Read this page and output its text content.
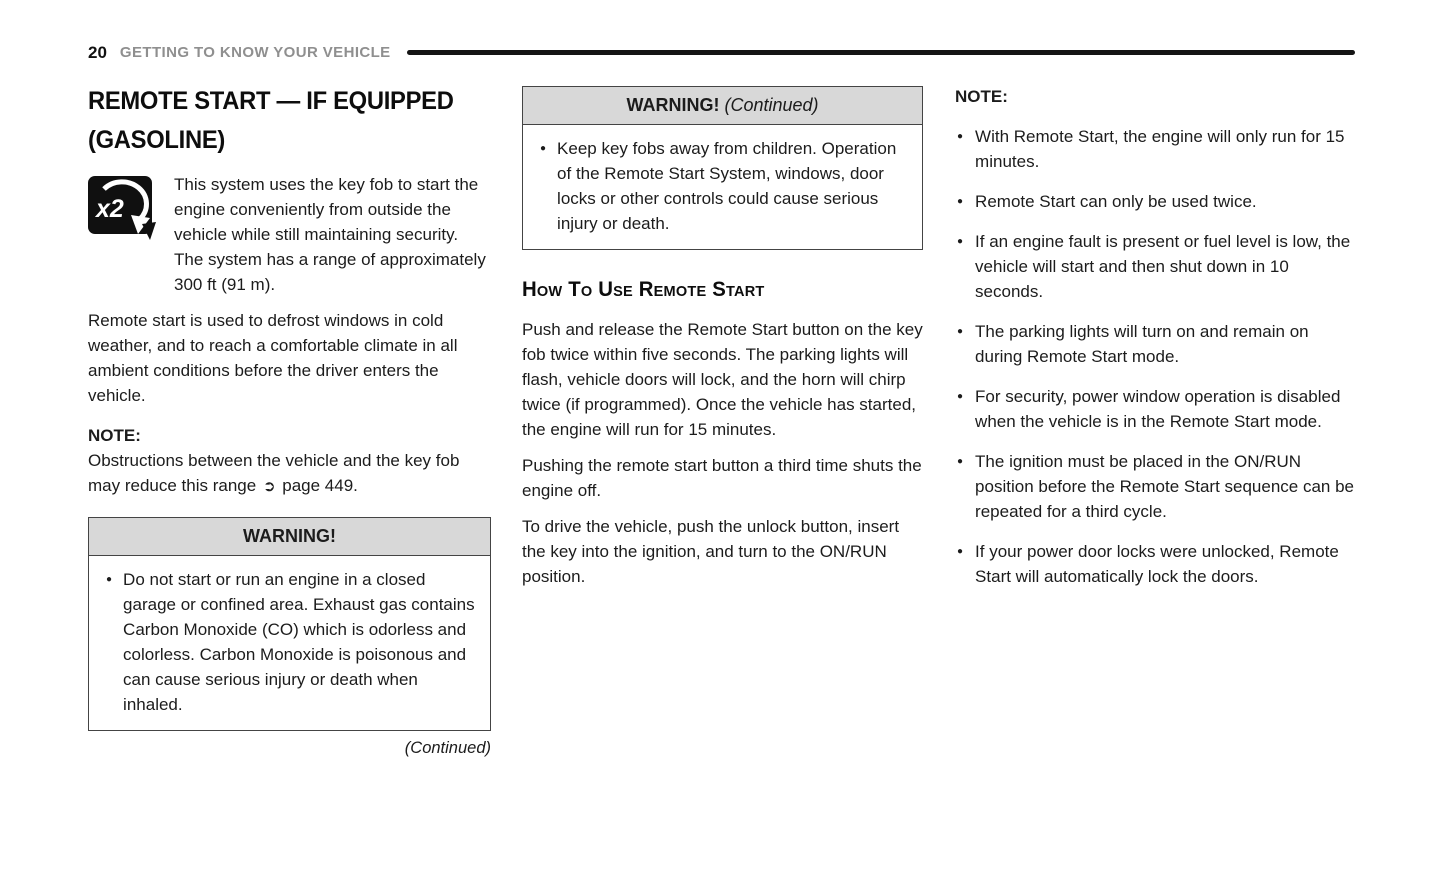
20 GETTING TO KNOW YOUR VEHICLE
REMOTE START — IF EQUIPPED (GASOLINE)
x2

This system uses the key fob to start the engine conveniently from outside the vehicle while still maintaining security. The system has a range of approximately 300 ft (91 m).

Remote start is used to defrost windows in cold weather, and to reach a comfortable climate in all ambient conditions before the driver enters the vehicle.

NOTE:

Obstructions between the vehicle and the key fob may reduce this range ➲ page 449.

WARNING!
● Do not start or run an engine in a closed garage or confined area. Exhaust gas contains Carbon Monoxide (CO) which is odorless and colorless. Carbon Monoxide is poisonous and can cause serious injury or death when inhaled.
(Continued)
WARNING! (Continued)
● Keep key fobs away from children. Operation of the Remote Start System, windows, door locks or other controls could cause serious injury or death.
How To Use Remote Start

Push and release the Remote Start button on the key fob twice within five seconds. The parking lights will flash, vehicle doors will lock, and the horn will chirp twice (if programmed). Once the vehicle has started, the engine will run for 15 minutes.

Pushing the remote start button a third time shuts the engine off.

To drive the vehicle, push the unlock button, insert the key into the ignition, and turn to the ON/RUN position.

NOTE:
● With Remote Start, the engine will only run for 15 minutes.
● Remote Start can only be used twice.
● If an engine fault is present or fuel level is low, the vehicle will start and then shut down in 10 seconds.
● The parking lights will turn on and remain on during Remote Start mode.
● For security, power window operation is disabled when the vehicle is in the Remote Start mode.
● The ignition must be placed in the ON/RUN position before the Remote Start sequence can be repeated for a third cycle.
● If your power door locks were unlocked, Remote Start will automatically lock the doors.
